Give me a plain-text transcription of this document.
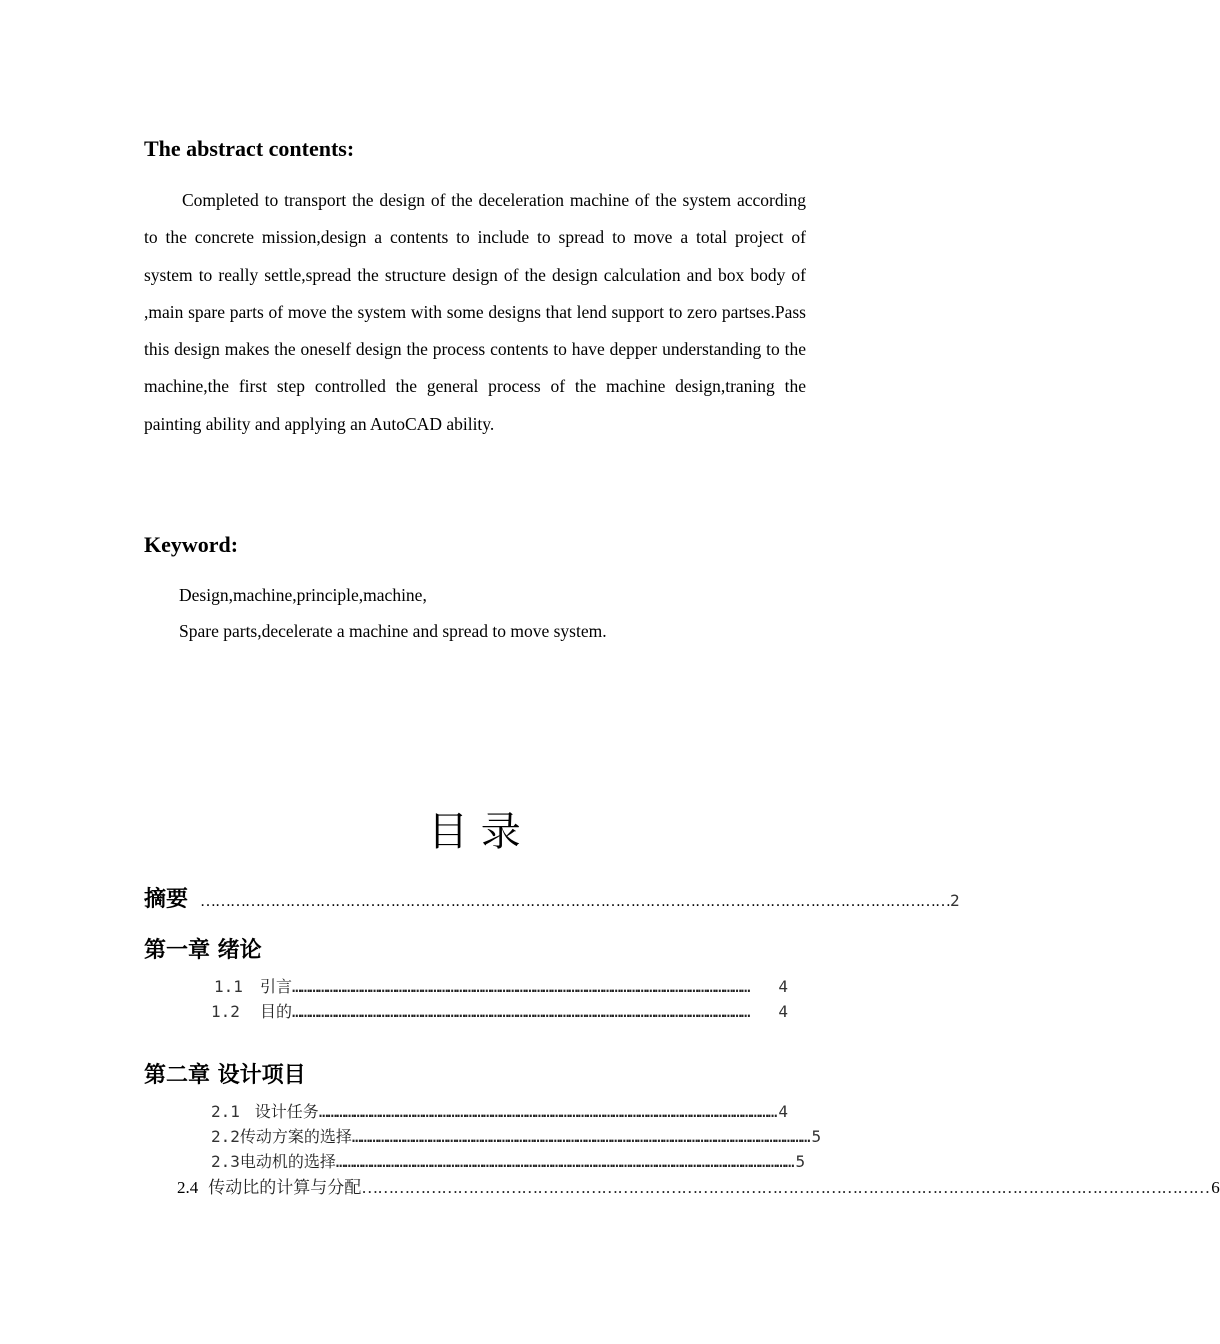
The abstract contents:
Completed to transport the design of the deceleration machine of the system according to the concrete mission,design a contents to include to spread to move a total project of system to really settle,spread the structure design of the design calculation and box body of ,main spare parts of move the system with some designs that lend support to zero partses.Pass this design makes the oneself design the process contents to have depper understanding to the machine,the first step controlled the general process of the machine design,traning the painting ability and applying an AutoCAD ability.
Keyword:
Design,machine,principle,machine,
Spare parts,decelerate a machine and spread to move system.
目 录
摘要 …………………………………………………………………………………………………………………………………… 2
第一章 绪论
1.1	引言 ……………………………………………………………………………………………………………………………………………	4
1.2	目的 ……………………………………………………………………………………………………………………………………………	4
第二章 设计项目
2.1 设计任务 …………………………………………………………………………………………………………………………………………… 4
2.2 传动方案的选择 …………………………………………………………………………………………………………………………………………… 5
2.3 电动机的选择 …………………………………………………………………………………………………………………………………………… 5
2.4 传动比的计算与分配 …………………………………………………………………………………………………………………………………………… 6
